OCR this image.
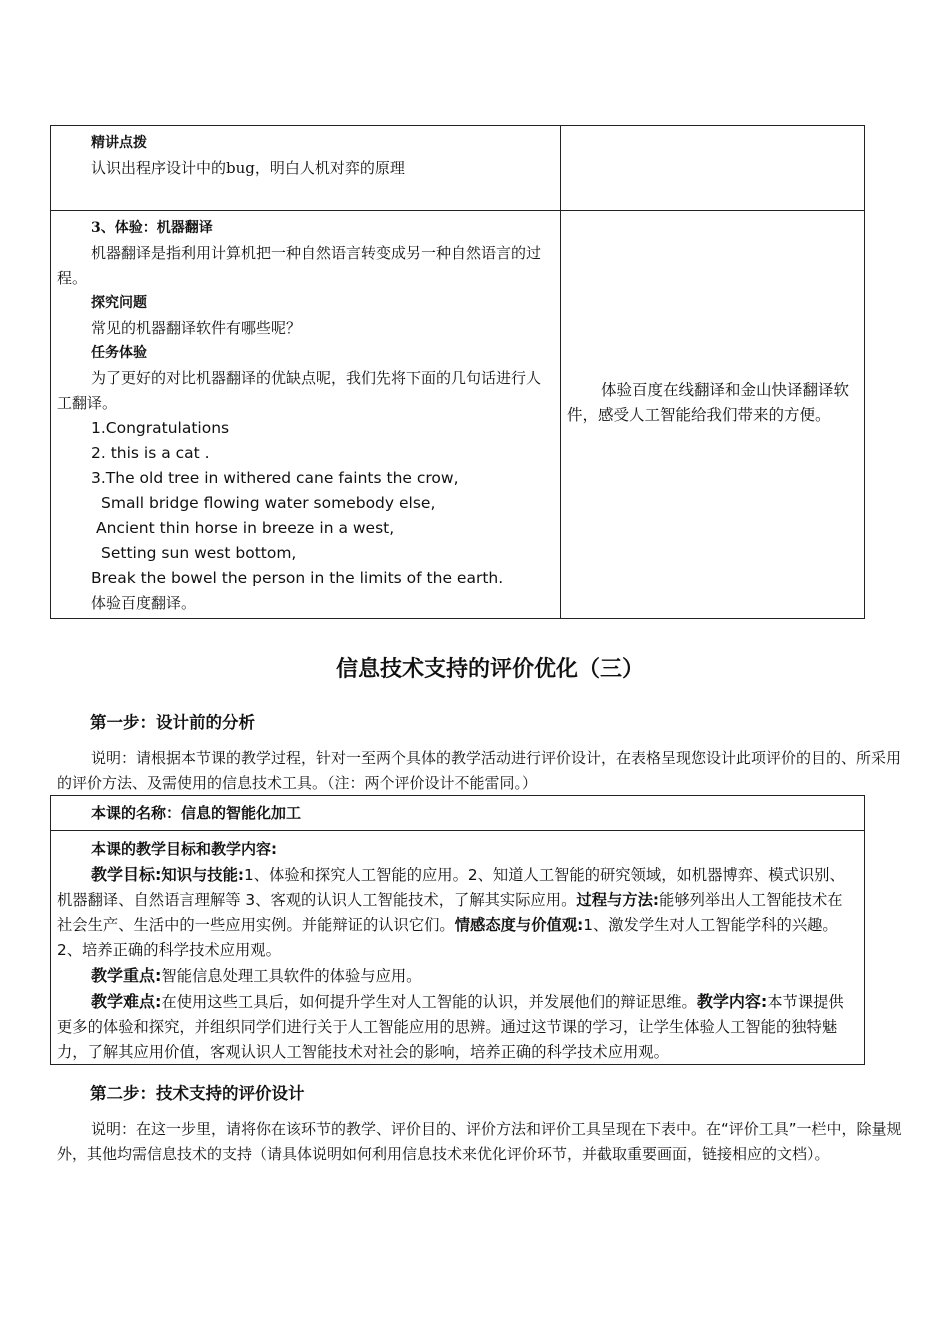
精讲点拨

认识出程序设计中的bug，明白人机对弈的原理

3、体验：机器翻译

机器翻译是指利用计算机把一种自然语言转变成另一种自然语言的过程。

探究问题

常见的机器翻译软件有哪些呢？

任务体验

为了更好的对比机器翻译的优缺点呢，我们先将下面的几句话进行人工翻译。

1.Congratulations

2. this is a cat .

3.The old tree in withered cane faints the crow,

Small bridge flowing water somebody else,

Ancient thin horse in breeze in a west,

Setting sun west bottom,

Break the bowel the person in the limits of the earth.

体验百度翻译。

体验百度在线翻译和金山快译翻译软件，感受人工智能给我们带来的方便。

信息技术支持的评价优化（三）
第一步：设计前的分析

说明：请根据本节课的教学过程，针对一至两个具体的教学活动进行评价设计，在表格呈现您设计此项评价的目的、所采用的评价方法、及需使用的信息技术工具。（注：两个评价设计不能雷同。）

本课的名称：信息的智能化加工
本课的教学目标和教学内容:
教学目标:知识与技能:1、体验和探究人工智能的应用。2、知道人工智能的研究领域，如机器博弈、模式识别、机器翻译、自然语言理解等 3、客观的认识人工智能技术，了解其实际应用。过程与方法:能够列举出人工智能技术在社会生产、生活中的一些应用实例。并能辩证的认识它们。情感态度与价值观:1、激发学生对人工智能学科的兴趣。2、培养正确的科学技术应用观。
教学重点:智能信息处理工具软件的体验与应用。
教学难点:在使用这些工具后，如何提升学生对人工智能的认识，并发展他们的辩证思维。教学内容:本节课提供更多的体验和探究，并组织同学们进行关于人工智能应用的思辨。通过这节课的学习，让学生体验人工智能的独特魅力，了解其应用价值，客观认识人工智能技术对社会的影响，培养正确的科学技术应用观。
第二步：技术支持的评价设计

说明：在这一步里，请将你在该环节的教学、评价目的、评价方法和评价工具呈现在下表中。在“评价工具”一栏中，除量规外，其他均需信息技术的支持（请具体说明如何利用信息技术来优化评价环节，并截取重要画面，链接相应的文档）。
